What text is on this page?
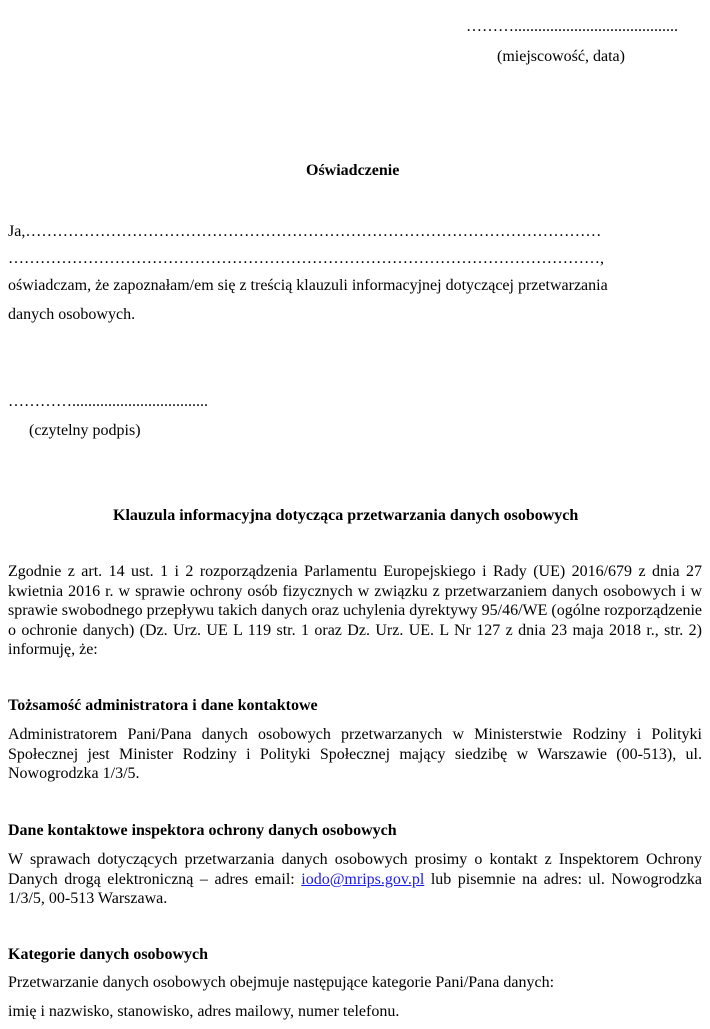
……….........................................
(miejscowość, data)
Oświadczenie
Ja,………………………………………………………………………………………………
…………………………………………………………………………………………………,
oświadczam, że zapoznałam/em się z treścią klauzuli informacyjnej dotyczącej przetwarzania
danych osobowych.
…………..................................
(czytelny podpis)
Klauzula informacyjna dotycząca przetwarzania danych osobowych

Zgodnie z art. 14 ust. 1 i 2 rozporządzenia Parlamentu Europejskiego i Rady (UE) 2016/679 z dnia 27 kwietnia 2016 r. w sprawie ochrony osób fizycznych w związku z przetwarzaniem danych osobowych i w sprawie swobodnego przepływu takich danych oraz uchylenia dyrektywy 95/46/WE (ogólne rozporządzenie o ochronie danych) (Dz. Urz. UE L 119 str. 1 oraz Dz. Urz. UE. L Nr 127 z dnia 23 maja 2018 r., str. 2) informuję, że:

Tożsamość administratora i dane kontaktowe

Administratorem Pani/Pana danych osobowych przetwarzanych w Ministerstwie Rodziny i Polityki Społecznej jest Minister Rodziny i Polityki Społecznej mający siedzibę w Warszawie (00-513), ul. Nowogrodzka 1/3/5.

Dane kontaktowe inspektora ochrony danych osobowych

W sprawach dotyczących przetwarzania danych osobowych prosimy o kontakt z Inspektorem Ochrony Danych drogą elektroniczną – adres email: iodo@mrips.gov.pl lub pisemnie na adres: ul. Nowogrodzka 1/3/5, 00-513 Warszawa.

Kategorie danych osobowych
Przetwarzanie danych osobowych obejmuje następujące kategorie Pani/Pana danych:
imię i nazwisko, stanowisko, adres mailowy, numer telefonu.
